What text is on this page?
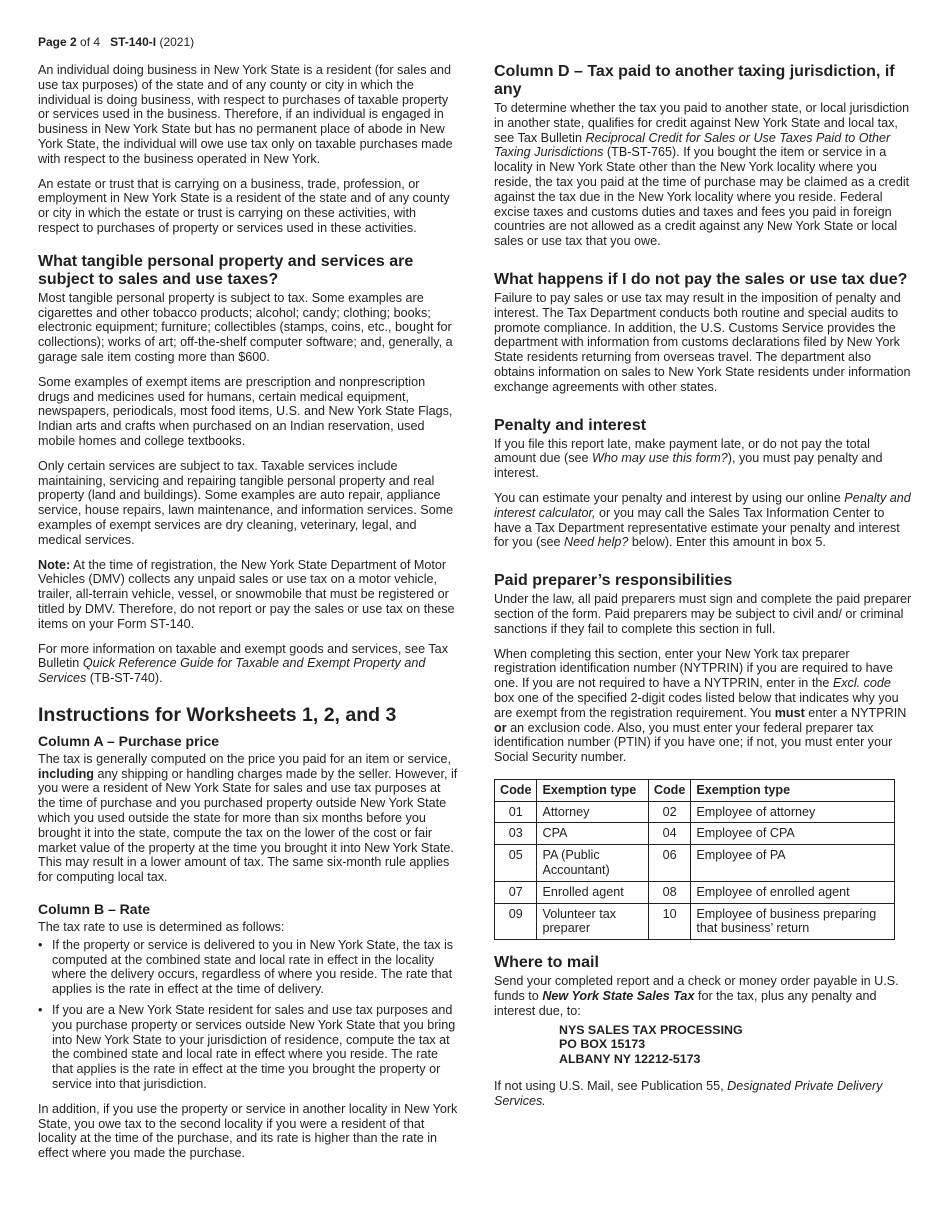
Page 2 of 4 ST-140-I (2021)

An individual doing business in New York State is a resident (for sales and use tax purposes) of the state and of any county or city in which the individual is doing business, with respect to purchases of taxable property or services used in the business. Therefore, if an individual is engaged in business in New York State but has no permanent place of abode in New York State, the individual will owe use tax only on taxable purchases made with respect to the business operated in New York.

An estate or trust that is carrying on a business, trade, profession, or employment in New York State is a resident of the state and of any county or city in which the estate or trust is carrying on these activities, with respect to purchases of property or services used in these activities.

What tangible personal property and services are subject to sales and use taxes?

Most tangible personal property is subject to tax. Some examples are cigarettes and other tobacco products; alcohol; candy; clothing; books; electronic equipment; furniture; collectibles (stamps, coins, etc., bought for collections); works of art; off-the-shelf computer software; and, generally, a garage sale item costing more than $600.

Some examples of exempt items are prescription and nonprescription drugs and medicines used for humans, certain medical equipment, newspapers, periodicals, most food items, U.S. and New York State Flags, Indian arts and crafts when purchased on an Indian reservation, used mobile homes and college textbooks.

Only certain services are subject to tax. Taxable services include maintaining, servicing and repairing tangible personal property and real property (land and buildings). Some examples are auto repair, appliance service, house repairs, lawn maintenance, and information services. Some examples of exempt services are dry cleaning, veterinary, legal, and medical services.

Note: At the time of registration, the New York State Department of Motor Vehicles (DMV) collects any unpaid sales or use tax on a motor vehicle, trailer, all-terrain vehicle, vessel, or snowmobile that must be registered or titled by DMV. Therefore, do not report or pay the sales or use tax on these items on your Form ST-140.

For more information on taxable and exempt goods and services, see Tax Bulletin Quick Reference Guide for Taxable and Exempt Property and Services (TB-ST-740).

Instructions for Worksheets 1, 2, and 3
Column A – Purchase price

The tax is generally computed on the price you paid for an item or service, including any shipping or handling charges made by the seller. However, if you were a resident of New York State for sales and use tax purposes at the time of purchase and you purchased property outside New York State which you used outside the state for more than six months before you brought it into the state, compute the tax on the lower of the cost or fair market value of the property at the time you brought it into New York State. This may result in a lower amount of tax. The same six-month rule applies for computing local tax.

Column B – Rate

The tax rate to use is determined as follows:

• If the property or service is delivered to you in New York State, the tax is computed at the combined state and local rate in effect in the locality where the delivery occurs, regardless of where you reside. The rate that applies is the rate in effect at the time of delivery.
• If you are a New York State resident for sales and use tax purposes and you purchase property or services outside New York State that you bring into New York State to your jurisdiction of residence, compute the tax at the combined state and local rate in effect where you reside. The rate that applies is the rate in effect at the time you brought the property or service into that jurisdiction.

In addition, if you use the property or service in another locality in New York State, you owe tax to the second locality if you were a resident of that locality at the time of the purchase, and its rate is higher than the rate in effect where you made the purchase.

Column D – Tax paid to another taxing jurisdiction, if any

To determine whether the tax you paid to another state, or local jurisdiction in another state, qualifies for credit against New York State and local tax, see Tax Bulletin Reciprocal Credit for Sales or Use Taxes Paid to Other Taxing Jurisdictions (TB-ST-765). If you bought the item or service in a locality in New York State other than the New York locality where you reside, the tax you paid at the time of purchase may be claimed as a credit against the tax due in the New York locality where you reside. Federal excise taxes and customs duties and taxes and fees you paid in foreign countries are not allowed as a credit against any New York State or local sales or use tax that you owe.

What happens if I do not pay the sales or use tax due?

Failure to pay sales or use tax may result in the imposition of penalty and interest. The Tax Department conducts both routine and special audits to promote compliance. In addition, the U.S. Customs Service provides the department with information from customs declarations filed by New York State residents returning from overseas travel. The department also obtains information on sales to New York State residents under information exchange agreements with other states.

Penalty and interest

If you file this report late, make payment late, or do not pay the total amount due (see Who may use this form?), you must pay penalty and interest.

You can estimate your penalty and interest by using our online Penalty and interest calculator, or you may call the Sales Tax Information Center to have a Tax Department representative estimate your penalty and interest for you (see Need help? below). Enter this amount in box 5.

Paid preparer’s responsibilities

Under the law, all paid preparers must sign and complete the paid preparer section of the form. Paid preparers may be subject to civil and/ or criminal sanctions if they fail to complete this section in full.

When completing this section, enter your New York tax preparer registration identification number (NYTPRIN) if you are required to have one. If you are not required to have a NYTPRIN, enter in the Excl. code box one of the specified 2-digit codes listed below that indicates why you are exempt from the registration requirement. You must enter a NYTPRIN or an exclusion code. Also, you must enter your federal preparer tax identification number (PTIN) if you have one; if not, you must enter your Social Security number.

Code	Exemption type	Code	Exemption type
01	Attorney	02	Employee of attorney
03	CPA	04	Employee of CPA
05	PA (Public Accountant)	06	Employee of PA
07	Enrolled agent	08	Employee of enrolled agent
09	Volunteer tax preparer	10	Employee of business preparing that business’ return
Where to mail

Send your completed report and a check or money order payable in U.S. funds to New York State Sales Tax for the tax, plus any penalty and interest due, to:

NYS SALES TAX PROCESSING
PO BOX 15173
ALBANY NY 12212-5173

If not using U.S. Mail, see Publication 55, Designated Private Delivery Services.
